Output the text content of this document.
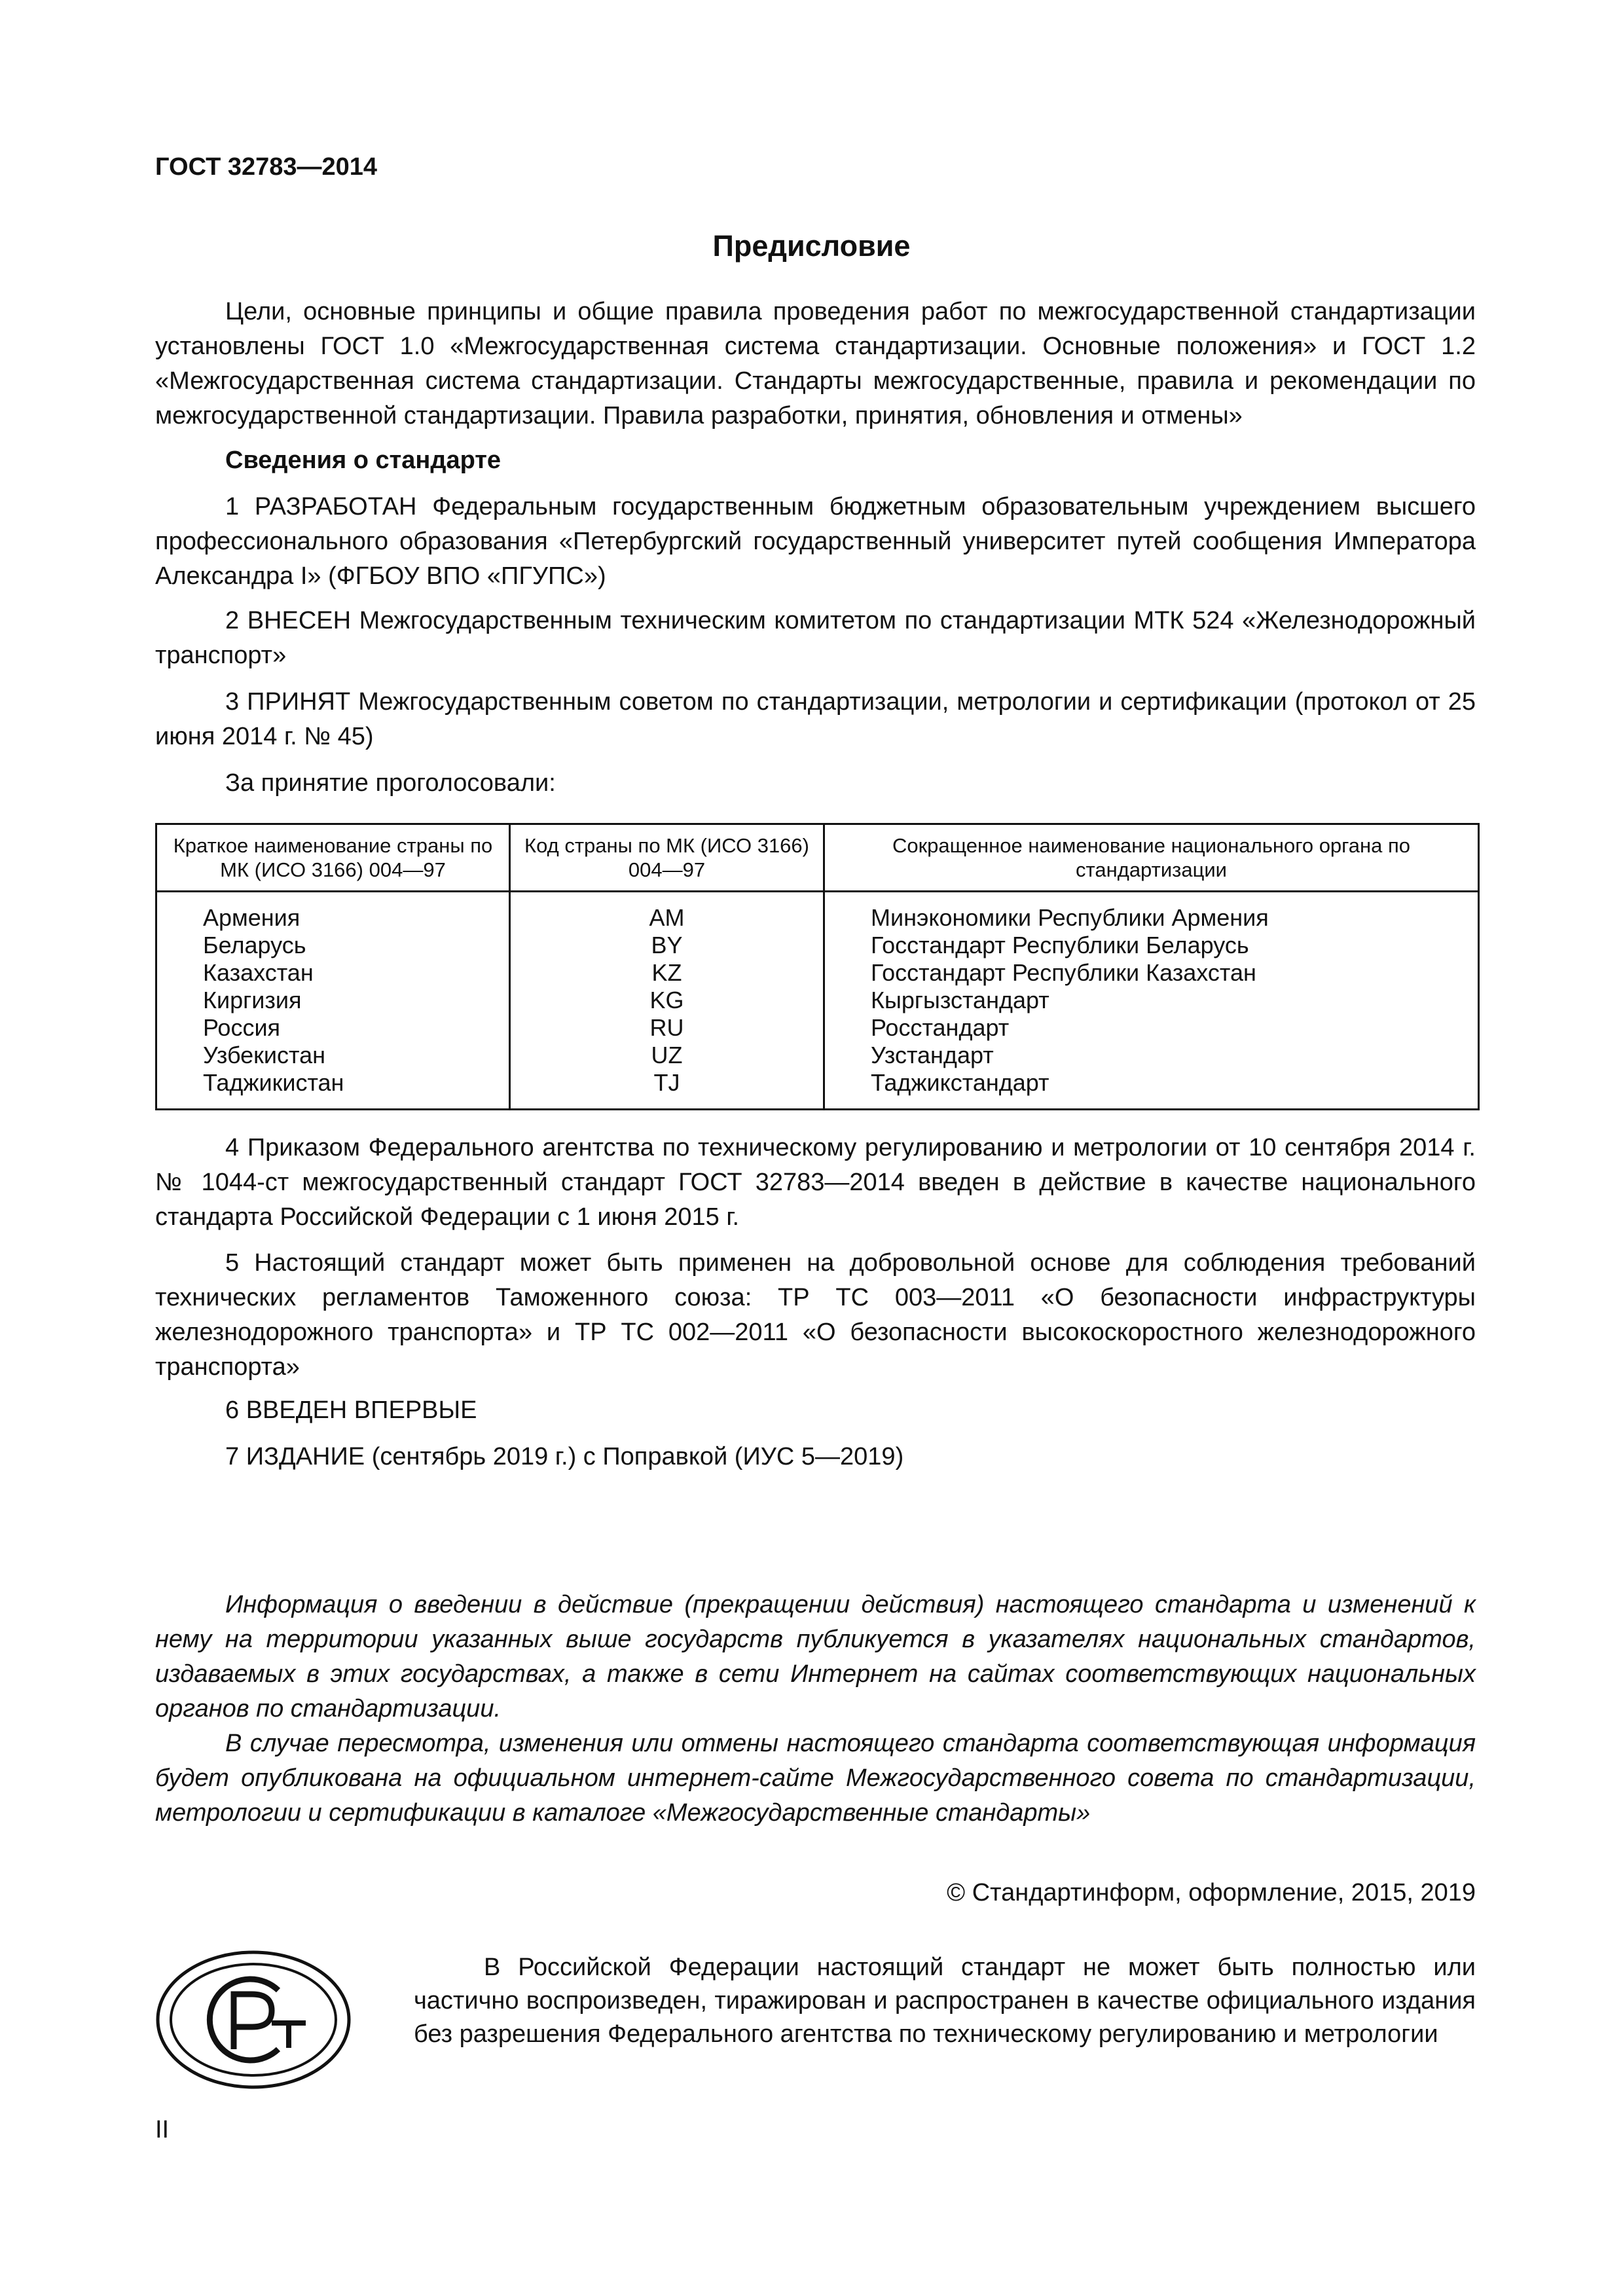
ГОСТ 32783—2014
Предисловие

Цели, основные принципы и общие правила проведения работ по межгосударственной стандартизации установлены ГОСТ 1.0 «Межгосударственная система стандартизации. Основные положения» и ГОСТ 1.2 «Межгосударственная система стандартизации. Стандарты межгосударственные, правила и рекомендации по межгосударственной стандартизации. Правила разработки, принятия, обновления и отмены»

Сведения о стандарте

1 РАЗРАБОТАН Федеральным государственным бюджетным образовательным учреждением высшего профессионального образования «Петербургский государственный университет путей сообщения Императора Александра I» (ФГБОУ ВПО «ПГУПС»)

2 ВНЕСЕН Межгосударственным техническим комитетом по стандартизации МТК 524 «Железнодорожный транспорт»

3 ПРИНЯТ Межгосударственным советом по стандартизации, метрологии и сертификации (протокол от 25 июня 2014 г. № 45)

За принятие проголосовали:

Краткое наименование страны по МК (ИСО 3166) 004—97	Код страны по МК (ИСО 3166) 004—97	Сокращенное наименование национального органа по стандартизации

Армения	AM	Минэкономики Республики Армения
Беларусь	BY	Госстандарт Республики Беларусь
Казахстан	KZ	Госстандарт Республики Казахстан
Киргизия	KG	Кыргызстандарт
Россия	RU	Росстандарт
Узбекистан	UZ	Узстандарт
Таджикистан	TJ	Таджикстандарт

4 Приказом Федерального агентства по техническому регулированию и метрологии от 10 сентября 2014 г. № 1044-ст межгосударственный стандарт ГОСТ 32783—2014 введен в действие в качестве национального стандарта Российской Федерации с 1 июня 2015 г.

5 Настоящий стандарт может быть применен на добровольной основе для соблюдения требований технических регламентов Таможенного союза: ТР ТС 003—2011 «О безопасности инфраструктуры железнодорожного транспорта» и ТР ТС 002—2011 «О безопасности высокоскоростного железнодорожного транспорта»

6 ВВЕДЕН ВПЕРВЫЕ

7 ИЗДАНИЕ (сентябрь 2019 г.) с Поправкой (ИУС 5—2019)

Информация о введении в действие (прекращении действия) настоящего стандарта и изменений к нему на территории указанных выше государств публикуется в указателях национальных стандартов, издаваемых в этих государствах, а также в сети Интернет на сайтах соответствующих национальных органов по стандартизации.

В случае пересмотра, изменения или отмены настоящего стандарта соответствующая информация будет опубликована на официальном интернет-сайте Межгосударственного совета по стандартизации, метрологии и сертификации в каталоге «Межгосударственные стандарты»

© Стандартинформ, оформление, 2015, 2019
В Российской Федерации настоящий стандарт не может быть полностью или частично воспроизведен, тиражирован и распространен в качестве официального издания без разрешения Федерального агентства по техническому регулированию и метрологии
II
